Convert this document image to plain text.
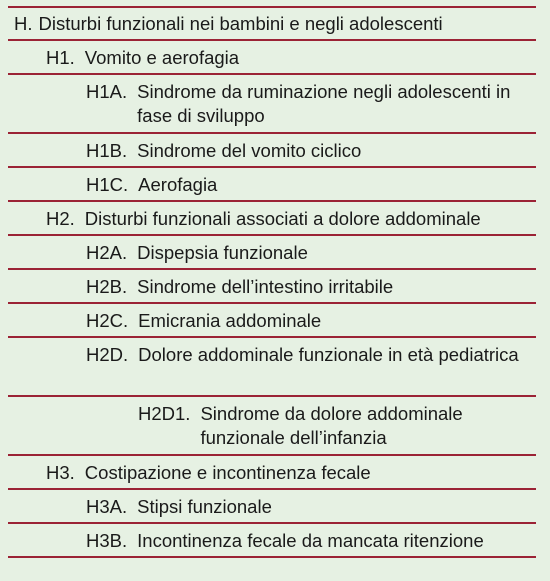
H. Disturbi funzionali nei bambini e negli adolescenti
H1. Vomito e aerofagia
H1A. Sindrome da ruminazione negli adolescenti in fase di sviluppo
H1B. Sindrome del vomito ciclico
H1C. Aerofagia
H2. Disturbi funzionali associati a dolore addominale
H2A. Dispepsia funzionale
H2B. Sindrome dell’intestino irritabile
H2C. Emicrania addominale
H2D. Dolore addominale funzionale in età pediatrica
H2D1. Sindrome da dolore addominale funzionale dell’infanzia
H3. Costipazione e incontinenza fecale
H3A. Stipsi funzionale
H3B. Incontinenza fecale da mancata ritenzione
